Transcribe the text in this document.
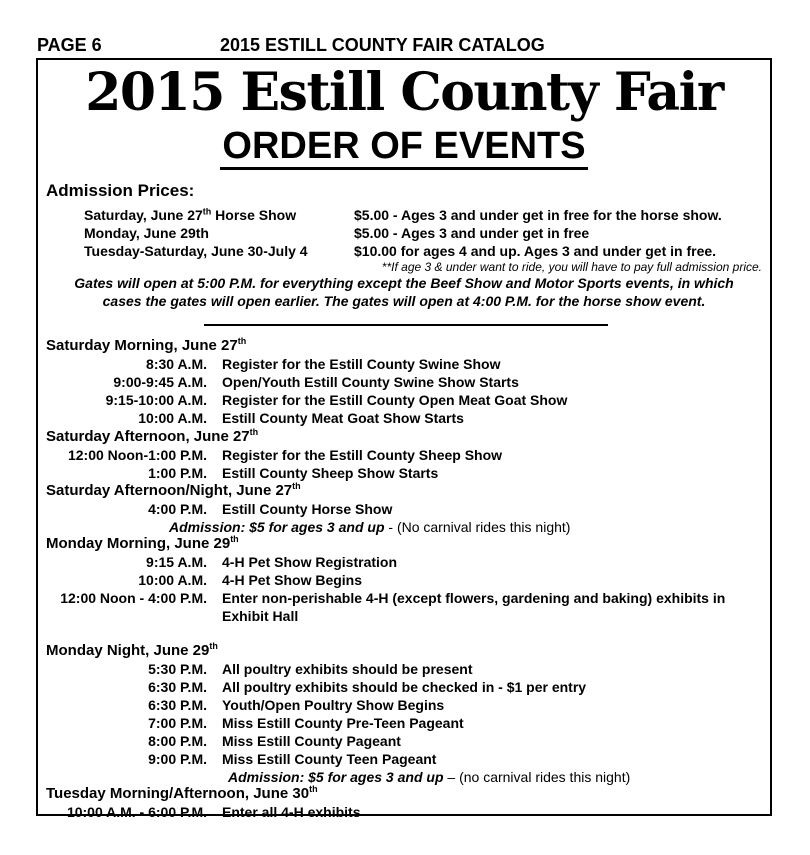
PAGE 6	2015 ESTILL COUNTY FAIR CATALOG
2015 Estill County Fair
ORDER OF EVENTS
Admission Prices:
Saturday, June 27th Horse Show	$5.00 - Ages 3 and under get in free for the horse show.
Monday, June 29th	$5.00 - Ages 3 and under get in free
Tuesday-Saturday, June 30-July 4	$10.00 for ages 4 and up. Ages 3 and under get in free.
**If age 3 & under want to ride, you will have to pay full admission price.
Gates will open at 5:00 P.M. for everything except the Beef Show and Motor Sports events, in which
cases the gates will open earlier. The gates will open at 4:00 P.M. for the horse show event.
Saturday Morning, June 27th
8:30 A.M. Register for the Estill County Swine Show
9:00-9:45 A.M. Open/Youth Estill County Swine Show Starts
9:15-10:00 A.M. Register for the Estill County Open Meat Goat Show
10:00 A.M. Estill County Meat Goat Show Starts
Saturday Afternoon, June 27th
12:00 Noon-1:00 P.M. Register for the Estill County Sheep Show
1:00 P.M. Estill County Sheep Show Starts
Saturday Afternoon/Night, June 27th
4:00 P.M. Estill County Horse Show
Admission: $5 for ages 3 and up - (No carnival rides this night)
Monday Morning, June 29th
9:15 A.M. 4-H Pet Show Registration
10:00 A.M. 4-H Pet Show Begins
12:00 Noon - 4:00 P.M. Enter non-perishable 4-H (except flowers, gardening and baking) exhibits in Exhibit Hall
Monday Night, June 29th
5:30 P.M. All poultry exhibits should be present
6:30 P.M. All poultry exhibits should be checked in - $1 per entry
6:30 P.M. Youth/Open Poultry Show Begins
7:00 P.M. Miss Estill County Pre-Teen Pageant
8:00 P.M. Miss Estill County Pageant
9:00 P.M. Miss Estill County Teen Pageant
Admission: $5 for ages 3 and up – (no carnival rides this night)
Tuesday Morning/Afternoon, June 30th
10:00 A.M. - 6:00 P.M. Enter all 4-H exhibits
